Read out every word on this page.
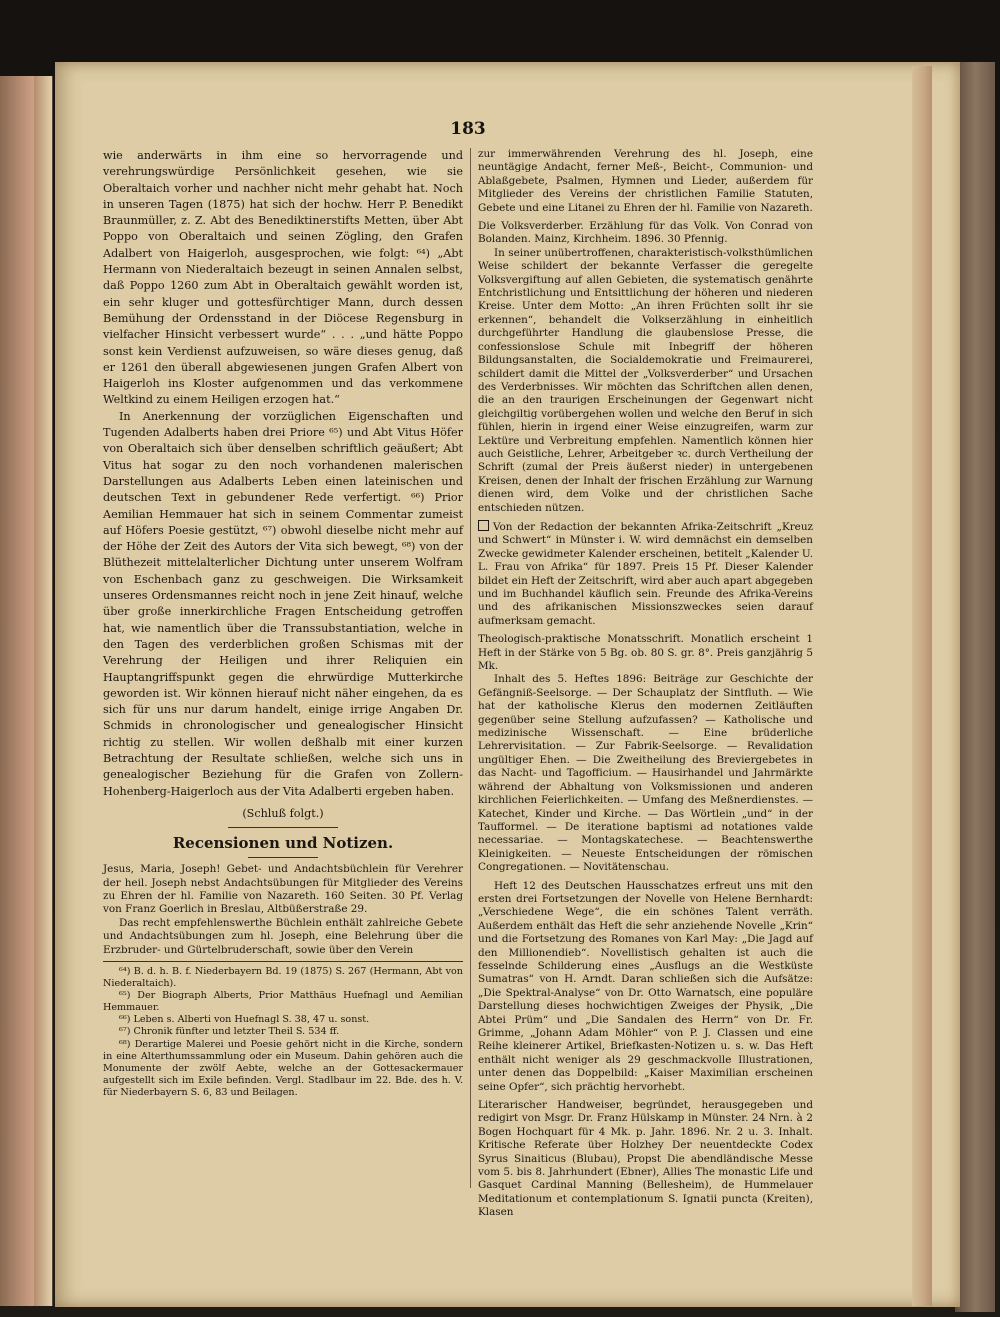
183

wie anderwärts in ihm eine so hervorragende und verehrungswürdige Persönlichkeit gesehen, wie sie Oberaltaich vorher und nachher nicht mehr gehabt hat. Noch in unseren Tagen (1875) hat sich der hochw. Herr P. Benedikt Braunmüller, z. Z. Abt des Benediktinerstifts Metten, über Abt Poppo von Oberaltaich und seinen Zögling, den Grafen Adalbert von Haigerloh, ausgesprochen, wie folgt: ⁶⁴) „Abt Hermann von Niederaltaich bezeugt in seinen Annalen selbst, daß Poppo 1260 zum Abt in Oberaltaich gewählt worden ist, ein sehr kluger und gottesfürchtiger Mann, durch dessen Bemühung der Ordensstand in der Diöcese Regensburg in vielfacher Hinsicht verbessert wurde“ . . . „und hätte Poppo sonst kein Verdienst aufzuweisen, so wäre dieses genug, daß er 1261 den überall abgewiesenen jungen Grafen Albert von Haigerloh ins Kloster aufgenommen und das verkommene Weltkind zu einem Heiligen erzogen hat.“

In Anerkennung der vorzüglichen Eigenschaften und Tugenden Adalberts haben drei Priore ⁶⁵) und Abt Vitus Höfer von Oberaltaich sich über denselben schriftlich geäußert; Abt Vitus hat sogar zu den noch vorhandenen malerischen Darstellungen aus Adalberts Leben einen lateinischen und deutschen Text in gebundener Rede verfertigt. ⁶⁶) Prior Aemilian Hemmauer hat sich in seinem Commentar zumeist auf Höfers Poesie gestützt, ⁶⁷) obwohl dieselbe nicht mehr auf der Höhe der Zeit des Autors der Vita sich bewegt, ⁶⁸) von der Blüthezeit mittelalterlicher Dichtung unter unserem Wolfram von Eschenbach ganz zu geschweigen. Die Wirksamkeit unseres Ordensmannes reicht noch in jene Zeit hinauf, welche über große innerkirchliche Fragen Entscheidung getroffen hat, wie namentlich über die Transsubstantiation, welche in den Tagen des verderblichen großen Schismas mit der Verehrung der Heiligen und ihrer Reliquien ein Hauptangriffspunkt gegen die ehrwürdige Mutterkirche geworden ist. Wir können hierauf nicht näher eingehen, da es sich für uns nur darum handelt, einige irrige Angaben Dr. Schmids in chronologischer und genealogischer Hinsicht richtig zu stellen. Wir wollen deßhalb mit einer kurzen Betrachtung der Resultate schließen, welche sich uns in genealogischer Beziehung für die Grafen von Zollern-Hohenberg-Haigerloch aus der Vita Adalberti ergeben haben.

(Schluß folgt.)

Recensionen und Notizen.

Jesus, Maria, Joseph! Gebet- und Andachtsbüchlein für Verehrer der heil. Joseph nebst Andachtsübungen für Mitglieder des Vereins zu Ehren der hl. Familie von Nazareth. 160 Seiten. 30 Pf. Verlag von Franz Goerlich in Breslau, Altbüßerstraße 29.

Das recht empfehlenswerthe Büchlein enthält zahlreiche Gebete und Andachtsübungen zum hl. Joseph, eine Belehrung über die Erzbruder- und Gürtelbruderschaft, sowie über den Verein

⁶⁴) B. d. h. B. f. Niederbayern Bd. 19 (1875) S. 267 (Hermann, Abt von Niederaltaich).

⁶⁵) Der Biograph Alberts, Prior Matthäus Huefnagl und Aemilian Hemmauer.

⁶⁶) Leben s. Alberti von Huefnagl S. 38, 47 u. sonst.

⁶⁷) Chronik fünfter und letzter Theil S. 534 ff.

⁶⁸) Derartige Malerei und Poesie gehört nicht in die Kirche, sondern in eine Alterthumssammlung oder ein Museum. Dahin gehören auch die Monumente der zwölf Aebte, welche an der Gottesackermauer aufgestellt sich im Exile befinden. Vergl. Stadlbaur im 22. Bde. des h. V. für Niederbayern S. 6, 83 und Beilagen.

zur immerwährenden Verehrung des hl. Joseph, eine neuntägige Andacht, ferner Meß-, Beicht-, Communion- und Ablaßgebete, Psalmen, Hymnen und Lieder, außerdem für Mitglieder des Vereins der christlichen Familie Statuten, Gebete und eine Litanei zu Ehren der hl. Familie von Nazareth.

Die Volksverderber. Erzählung für das Volk. Von Conrad von Bolanden. Mainz, Kirchheim. 1896. 30 Pfennig.

In seiner unübertroffenen, charakteristisch-volksthümlichen Weise schildert der bekannte Verfasser die geregelte Volksvergiftung auf allen Gebieten, die systematisch genährte Entchristlichung und Entsittlichung der höheren und niederen Kreise. Unter dem Motto: „An ihren Früchten sollt ihr sie erkennen“, behandelt die Volkserzählung in einheitlich durchgeführter Handlung die glaubenslose Presse, die confessionslose Schule mit Inbegriff der höheren Bildungsanstalten, die Socialdemokratie und Freimaurerei, schildert damit die Mittel der „Volksverderber“ und Ursachen des Verderbnisses. Wir möchten das Schriftchen allen denen, die an den traurigen Erscheinungen der Gegenwart nicht gleichgiltig vorübergehen wollen und welche den Beruf in sich fühlen, hierin in irgend einer Weise einzugreifen, warm zur Lektüre und Verbreitung empfehlen. Namentlich können hier auch Geistliche, Lehrer, Arbeitgeber ꝛc. durch Vertheilung der Schrift (zumal der Preis äußerst nieder) in untergebenen Kreisen, denen der Inhalt der frischen Erzählung zur Warnung dienen wird, dem Volke und der christlichen Sache entschieden nützen.

Von der Redaction der bekannten Afrika-Zeitschrift „Kreuz und Schwert“ in Münster i. W. wird demnächst ein demselben Zwecke gewidmeter Kalender erscheinen, betitelt „Kalender U. L. Frau von Afrika“ für 1897. Preis 15 Pf. Dieser Kalender bildet ein Heft der Zeitschrift, wird aber auch apart abgegeben und im Buchhandel käuflich sein. Freunde des Afrika-Vereins und des afrikanischen Missionszweckes seien darauf aufmerksam gemacht.

Theologisch-praktische Monatsschrift. Monatlich erscheint 1 Heft in der Stärke von 5 Bg. ob. 80 S. gr. 8°. Preis ganzjährig 5 Mk.

Inhalt des 5. Heftes 1896: Beiträge zur Geschichte der Gefängniß-Seelsorge. — Der Schauplatz der Sintfluth. — Wie hat der katholische Klerus den modernen Zeitläuften gegenüber seine Stellung aufzufassen? — Katholische und medizinische Wissenschaft. — Eine brüderliche Lehrervisitation. — Zur Fabrik-Seelsorge. — Revalidation ungültiger Ehen. — Die Zweitheilung des Breviergebetes in das Nacht- und Tagofficium. — Hausirhandel und Jahrmärkte während der Abhaltung von Volksmissionen und anderen kirchlichen Feierlichkeiten. — Umfang des Meßnerdienstes. — Katechet, Kinder und Kirche. — Das Wörtlein „und“ in der Taufformel. — De iteratione baptismi ad notationes valde necessariae. — Montagskatechese. — Beachtenswerthe Kleinigkeiten. — Neueste Entscheidungen der römischen Congregationen. — Novitätenschau.

Heft 12 des Deutschen Hausschatzes erfreut uns mit den ersten drei Fortsetzungen der Novelle von Helene Bernhardt: „Verschiedene Wege“, die ein schönes Talent verräth. Außerdem enthält das Heft die sehr anziehende Novelle „Krin“ und die Fortsetzung des Romanes von Karl May: „Die Jagd auf den Millionendieb“. Novellistisch gehalten ist auch die fesselnde Schilderung eines „Ausflugs an die Westküste Sumatras“ von H. Arndt. Daran schließen sich die Aufsätze: „Die Spektral-Analyse“ von Dr. Otto Warnatsch, eine populäre Darstellung dieses hochwichtigen Zweiges der Physik, „Die Abtei Prüm“ und „Die Sandalen des Herrn“ von Dr. Fr. Grimme, „Johann Adam Möhler“ von P. J. Classen und eine Reihe kleinerer Artikel, Briefkasten-Notizen u. s. w. Das Heft enthält nicht weniger als 29 geschmackvolle Illustrationen, unter denen das Doppelbild: „Kaiser Maximilian erscheinen seine Opfer“, sich prächtig hervorhebt.

Literarischer Handweiser, begründet, herausgegeben und redigirt von Msgr. Dr. Franz Hülskamp in Münster. 24 Nrn. à 2 Bogen Hochquart für 4 Mk. p. Jahr. 1896. Nr. 2 u. 3. Inhalt. Kritische Referate über Holzhey Der neuentdeckte Codex Syrus Sinaiticus (Blubau), Propst Die abendländische Messe vom 5. bis 8. Jahrhundert (Ebner), Allies The monastic Life und Gasquet Cardinal Manning (Bellesheim), de Hummelauer Meditationum et contemplationum S. Ignatii puncta (Kreiten), Klasen
